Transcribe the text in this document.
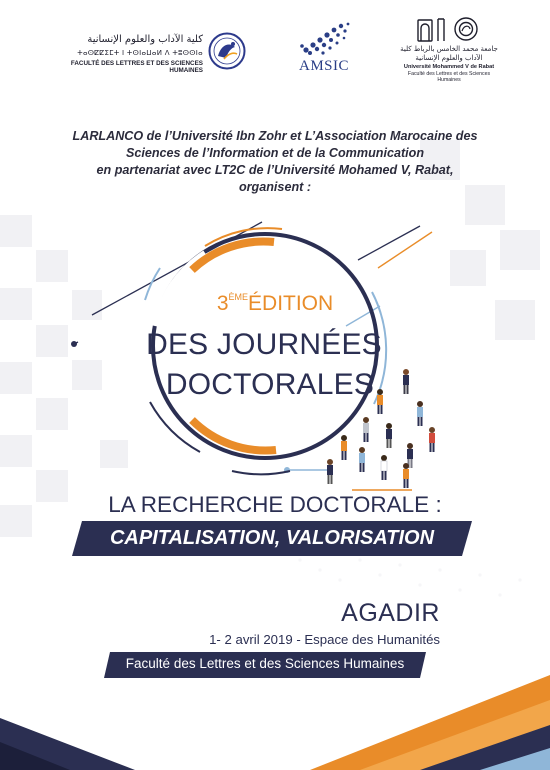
كلية الآداب والعلوم الإنسانية
ⵜⴰⵙⵇⵇⵉⵎⵜ ⵏ ⵜⵙⵏⴰⵡⴰⵍ ⴷ ⵜⵓⵙⵙⵏⴰ
FACULTÉ DES LETTRES ET DES SCIENCES HUMAINES	AMSIC
جامعة محمد الخامس بالرباط كلية الآداب والعلوم الإنسانية
Université Mohammed V de Rabat
Faculté des Lettres et des Sciences Humaines
LARLANCO de l’Université Ibn Zohr et L’Association Marocaine des
Sciences de l’Information et de la Communication
en partenariat avec LT2C de l’Université Mohamed V, Rabat,
organisent :
3ÈMEÉDITION
DES JOURNÉES
DOCTORALES
LA RECHERCHE DOCTORALE :
CAPITALISATION, VALORISATION
AGADIR
1- 2 avril 2019 - Espace des Humanités
Faculté des Lettres et des Sciences Humaines
